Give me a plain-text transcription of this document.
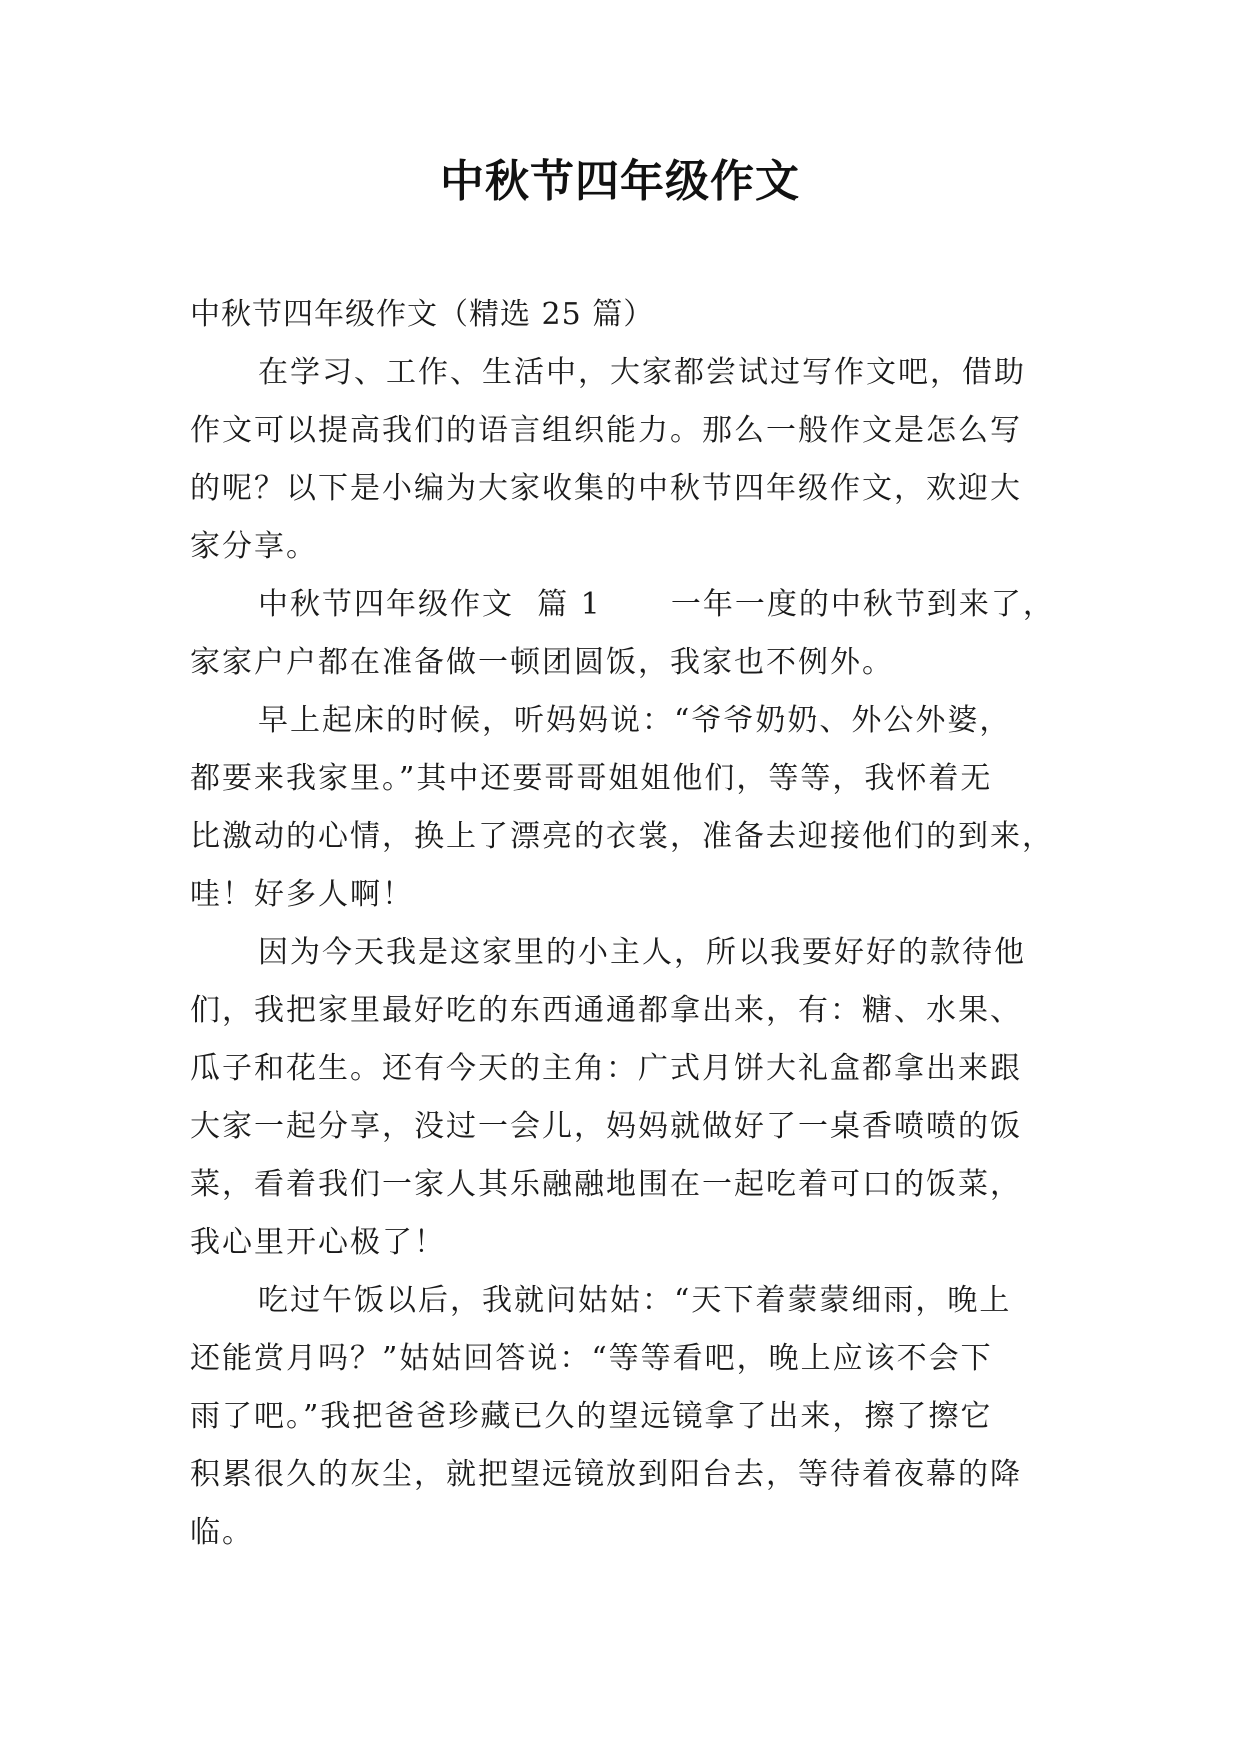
中秋节四年级作文
中秋节四年级作文（精选 25 篇）
在学习、工作、生活中，大家都尝试过写作文吧，借助
作文可以提高我们的语言组织能力。那么一般作文是怎么写
的呢？以下是小编为大家收集的中秋节四年级作文，欢迎大
家分享。
中秋节四年级作文  篇 1      一年一度的中秋节到来了，
家家户户都在准备做一顿团圆饭，我家也不例外。
早上起床的时候，听妈妈说：“爷爷奶奶、外公外婆，
都要来我家里。”其中还要哥哥姐姐他们，等等，我怀着无
比激动的心情，换上了漂亮的衣裳，准备去迎接他们的到来，
哇！好多人啊！
因为今天我是这家里的小主人，所以我要好好的款待他
们，我把家里最好吃的东西通通都拿出来，有：糖、水果、
瓜子和花生。还有今天的主角：广式月饼大礼盒都拿出来跟
大家一起分享，没过一会儿，妈妈就做好了一桌香喷喷的饭
菜，看着我们一家人其乐融融地围在一起吃着可口的饭菜，
我心里开心极了！
吃过午饭以后，我就问姑姑：“天下着蒙蒙细雨，晚上
还能赏月吗？”姑姑回答说：“等等看吧，晚上应该不会下
雨了吧。”我把爸爸珍藏已久的望远镜拿了出来，擦了擦它
积累很久的灰尘，就把望远镜放到阳台去，等待着夜幕的降
临。
